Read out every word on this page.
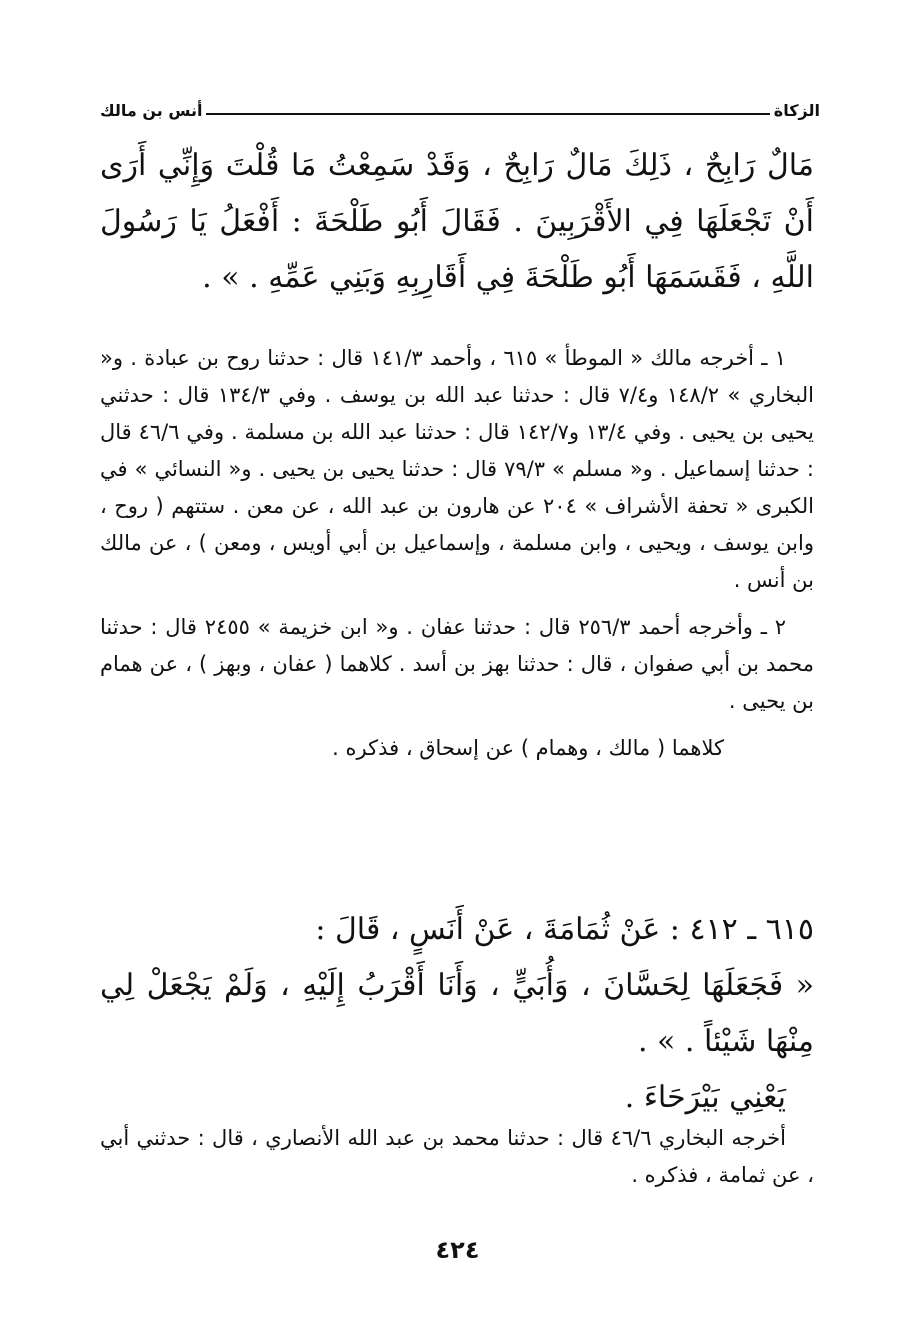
الزكاة
أنس بن مالك

مَالٌ رَابِحٌ ، ذَلِكَ مَالٌ رَابِحٌ ، وَقَدْ سَمِعْتُ مَا قُلْتَ وَإِنِّي أَرَى أَنْ تَجْعَلَهَا فِي الأَقْرَبِينَ . فَقَالَ أَبُو طَلْحَةَ : أَفْعَلُ يَا رَسُولَ اللَّهِ ، فَقَسَمَهَا أَبُو طَلْحَةَ فِي أَقَارِبِهِ وَبَنِي عَمِّهِ . » .

١ ـ أخرجه مالك « الموطأ » ٦١٥ ، وأحمد ١٤١/٣ قال : حدثنا روح بن عبادة . و« البخاري » ١٤٨/٢ و٧/٤ قال : حدثنا عبد الله بن يوسف . وفي ١٣٤/٣ قال : حدثني يحيى بن يحيى . وفي ١٣/٤ و١٤٢/٧ قال : حدثنا عبد الله بن مسلمة . وفي ٤٦/٦ قال : حدثنا إسماعيل . و« مسلم » ٧٩/٣ قال : حدثنا يحيى بن يحيى . و« النسائي » في الكبرى « تحفة الأشراف » ٢٠٤ عن هارون بن عبد الله ، عن معن . ستتهم ( روح ، وابن يوسف ، ويحيى ، وابن مسلمة ، وإسماعيل بن أبي أويس ، ومعن ) ، عن مالك بن أنس .

٢ ـ وأخرجه أحمد ٢٥٦/٣ قال : حدثنا عفان . و« ابن خزيمة » ٢٤٥٥ قال : حدثنا محمد بن أبي صفوان ، قال : حدثنا بهز بن أسد . كلاهما ( عفان ، وبهز ) ، عن همام بن يحيى .

كلاهما ( مالك ، وهمام ) عن إسحاق ، فذكره .

٦١٥ ـ ٤١٢ : عَنْ ثُمَامَةَ ، عَنْ أَنَسٍ ، قَالَ :

« فَجَعَلَهَا لِحَسَّانَ ، وَأُبَيٍّ ، وَأَنَا أَقْرَبُ إِلَيْهِ ، وَلَمْ يَجْعَلْ لِي مِنْهَا شَيْئاً . » .

يَعْنِي بَيْرَحَاءَ .

أخرجه البخاري ٤٦/٦ قال : حدثنا محمد بن عبد الله الأنصاري ، قال : حدثني أبي ، عن ثمامة ، فذكره .

٤٢٤
